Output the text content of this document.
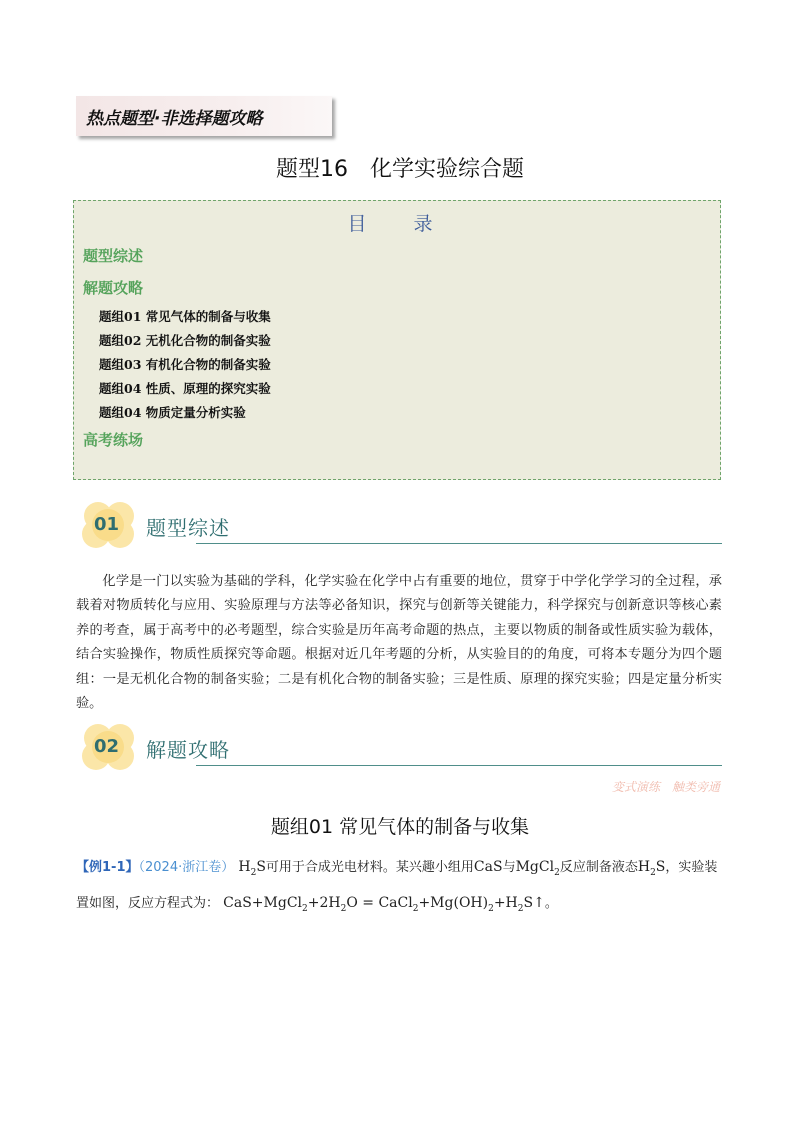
热点题型·非选择题攻略
题型16　化学实验综合题
目　录
题型综述
解题攻略
题组01 常见气体的制备与收集
题组02 无机化合物的制备实验
题组03 有机化合物的制备实验
题组04 性质、原理的探究实验
题组04 物质定量分析实验
高考练场
01 题型综述
化学是一门以实验为基础的学科，化学实验在化学中占有重要的地位，贯穿于中学化学学习的全过程，承载着对物质转化与应用、实验原理与方法等必备知识，探究与创新等关键能力，科学探究与创新意识等核心素养的考查，属于高考中的必考题型，综合实验是历年高考命题的热点，主要以物质的制备或性质实验为载体，结合实验操作，物质性质探究等命题。根据对近几年考题的分析，从实验目的的角度，可将本专题分为四个题组：一是无机化合物的制备实验；二是有机化合物的制备实验；三是性质、原理的探究实验；四是定量分析实验。
02 解题攻略
变式演练　触类旁通
题组01 常见气体的制备与收集
【例1-1】（2024·浙江卷） $H_2S$可用于合成光电材料。某兴趣小组用CaS与MgCl$_2$反应制备液态$H_2S$，实验装置如图，反应方程式为： $CaS+MgCl_2+2H_2O$ = $CaCl_2+Mg(OH)_2+H_2S↑$。
